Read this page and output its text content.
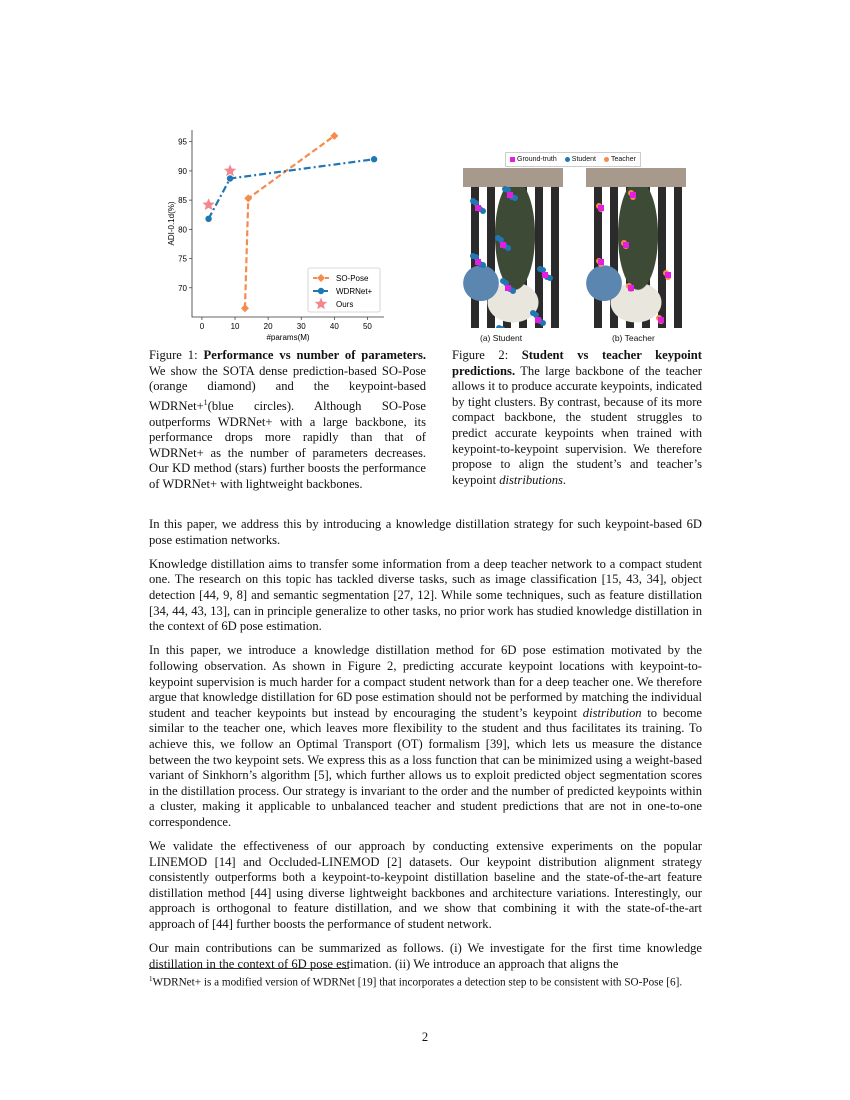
0	10	20	30	40	50
70
75
80
85
90
95
#params(M)
ADI-0.1d(%)
SO-Pose
WDRNet+
Ours
Figure 1: Performance vs number of parameters. We show the SOTA dense prediction-based SO-Pose (orange diamond) and the keypoint-based WDRNet+$^1$(blue circles). Although SO-Pose outperforms WDRNet+ with a large backbone, its performance drops more rapidly than that of WDRNet+ as the number of parameters decreases. Our KD method (stars) further boosts the performance of WDRNet+ with lightweight backbones.
Ground-truth	Student	Teacher
(a) Student	(b) Teacher
Figure 2: Student vs teacher keypoint predictions. The large backbone of the teacher allows it to produce accurate keypoints, indicated by tight clusters. By contrast, because of its more compact backbone, the student struggles to predict accurate keypoints when trained with keypoint-to-keypoint supervision. We therefore propose to align the student’s and teacher’s keypoint distributions.

In this paper, we address this by introducing a knowledge distillation strategy for such keypoint-based 6D pose estimation networks.

Knowledge distillation aims to transfer some information from a deep teacher network to a compact student one. The research on this topic has tackled diverse tasks, such as image classification [15, 43, 34], object detection [44, 9, 8] and semantic segmentation [27, 12]. While some techniques, such as feature distillation [34, 44, 43, 13], can in principle generalize to other tasks, no prior work has studied knowledge distillation in the context of 6D pose estimation.

In this paper, we introduce a knowledge distillation method for 6D pose estimation motivated by the following observation. As shown in Figure 2, predicting accurate keypoint locations with keypoint-to-keypoint supervision is much harder for a compact student network than for a deep teacher one. We therefore argue that knowledge distillation for 6D pose estimation should not be performed by matching the individual student and teacher keypoints but instead by encouraging the student’s keypoint distribution to become similar to the teacher one, which leaves more flexibility to the student and thus facilitates its training. To achieve this, we follow an Optimal Transport (OT) formalism [39], which lets us measure the distance between the two keypoint sets. We express this as a loss function that can be minimized using a weight-based variant of Sinkhorn’s algorithm [5], which further allows us to exploit predicted object segmentation scores in the distillation process. Our strategy is invariant to the order and the number of predicted keypoints within a cluster, making it applicable to unbalanced teacher and student predictions that are not in one-to-one correspondence.

We validate the effectiveness of our approach by conducting extensive experiments on the popular LINEMOD [14] and Occluded-LINEMOD [2] datasets. Our keypoint distribution alignment strategy consistently outperforms both a keypoint-to-keypoint distillation baseline and the state-of-the-art feature distillation method [44] using diverse lightweight backbones and architecture variations. Interestingly, our approach is orthogonal to feature distillation, and we show that combining it with the state-of-the-art approach of [44] further boosts the performance of student network.

Our main contributions can be summarized as follows. (i) We investigate for the first time knowledge distillation in the context of 6D pose estimation. (ii) We introduce an approach that aligns the

$^1$WDRNet+ is a modified version of WDRNet [19] that incorporates a detection step to be consistent with SO-Pose [6].
2
